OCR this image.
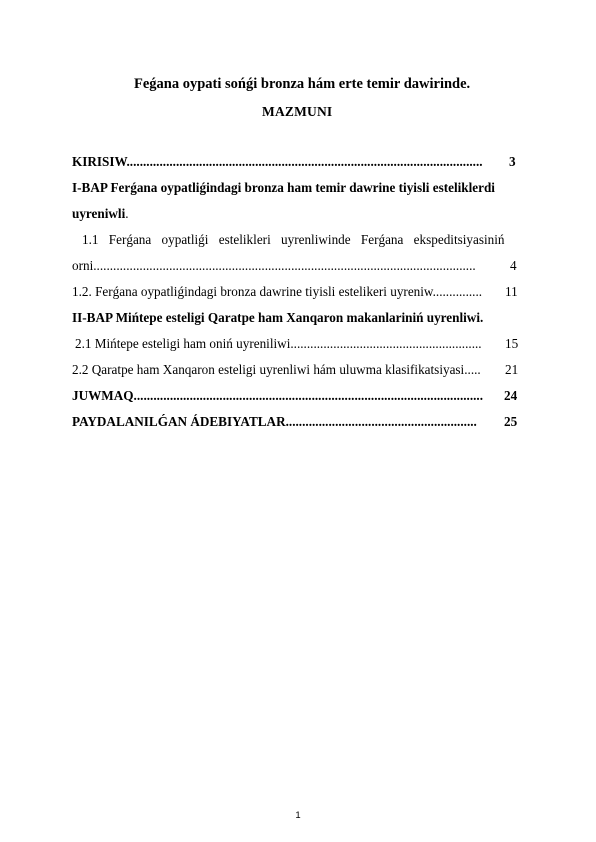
Feǵana oypati sońǵi bronza hám erte temir dawirinde.
MAZMUNI
KIRISIW............................................................................................................ 3
I-BAP Ferǵana oypatliǵindagi bronza ham temir dawrine tiyisli esteliklerdi
uyreniwli.
1.1 Ferǵana oypatliǵi estelikleri uyrenliwinde Ferǵana ekspeditsiyasiniń
orni....................................................................................................................	4
1.2. Ferǵana oypatliǵindagi bronza dawrine tiyisli estelikeri uyreniw............... 11
II-BAP Mińtepe esteligi Qaratpe ham Xanqaron makanlariniń uyrenliwi.
2.1 Mińtepe esteligi ham oniń uyreniliwi.......................................................... 15
2.2 Qaratpe ham Xanqaron esteligi uyrenliwi hám uluwma klasifikatsiyasi..... 21
JUWMAQ.......................................................................................................... 24
PAYDALANILǴAN ÁDEBIYATLAR.......................................................... 25
1
